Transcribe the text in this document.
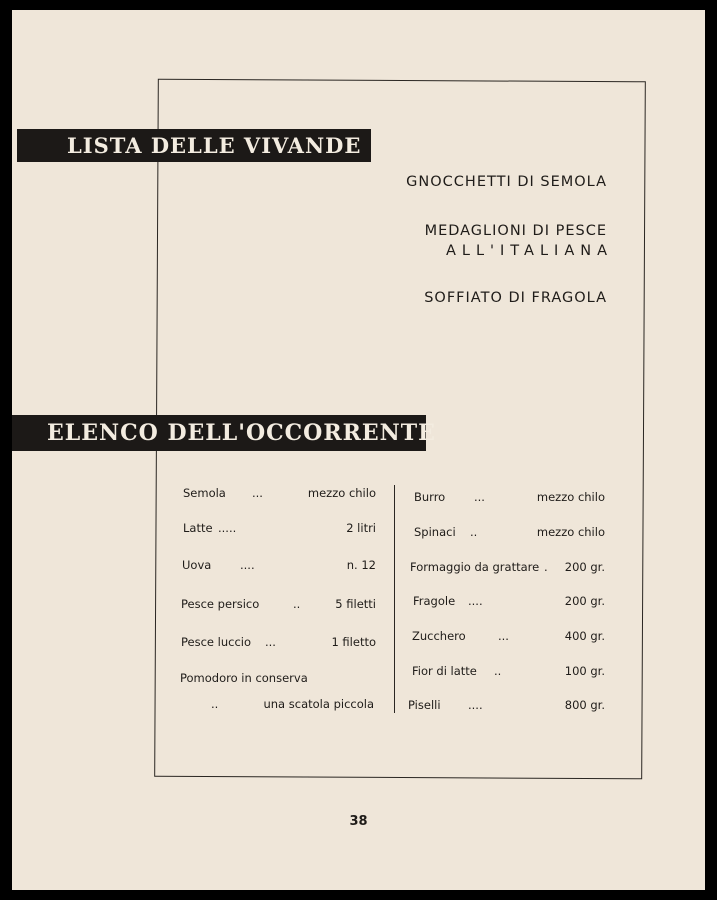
LISTA DELLE VIVANDE
GNOCCHETTI DI SEMOLA
MEDAGLIONI DI PESCE
ALL'ITALIANA
SOFFIATO DI FRAGOLA
ELENCO DELL'OCCORRENTE
Semola ...	mezzo chilo
Latte .....	2 litri
Uova ....	n. 12
Pesce persico	..	5 filetti
Pesce luccio ...	1 filetto
Pomodoro in conserva
..	una scatola piccola
Burro	...	mezzo chilo
Spinaci ..	mezzo chilo
Formaggio da grattare . 200 gr.
Fragole ....	200 gr.
Zucchero	...	400 gr.
Fior di latte ..	100 gr.
Piselli ....	800 gr.
38
